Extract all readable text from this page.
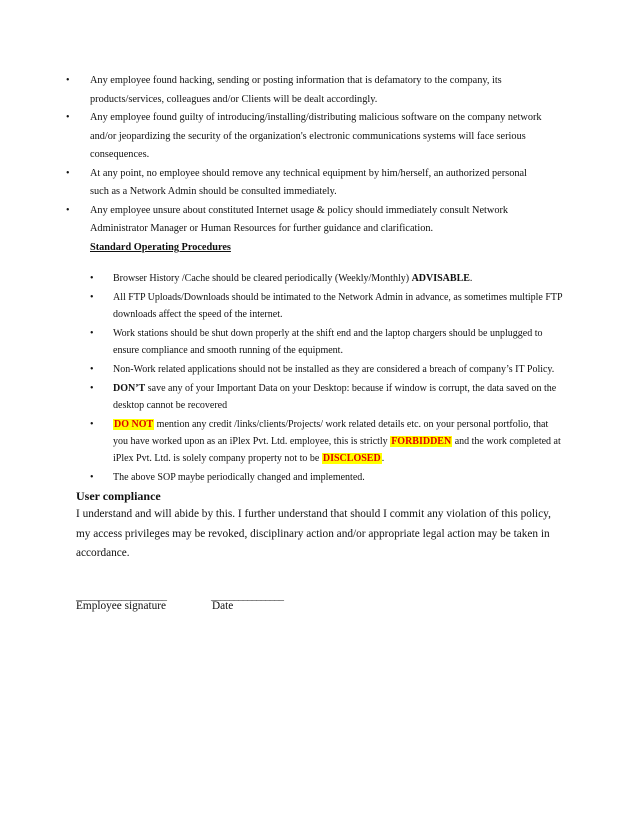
• Any employee found hacking, sending or posting information that is defamatory to the company, its products/services, colleagues and/or Clients will be dealt accordingly.
• Any employee found guilty of introducing/installing/distributing malicious software on the company network and/or jeopardizing the security of the organization's electronic communications systems will face serious consequences.
• At any point, no employee should remove any technical equipment by him/herself, an authorized personal such as a Network Admin should be consulted immediately.
• Any employee unsure about constituted Internet usage & policy should immediately consult Network Administrator Manager or Human Resources for further guidance and clarification.
Standard Operating Procedures
• Browser History /Cache should be cleared periodically (Weekly/Monthly) ADVISABLE.
• All FTP Uploads/Downloads should be intimated to the Network Admin in advance, as sometimes multiple FTP downloads affect the speed of the internet.
• Work stations should be shut down properly at the shift end and the laptop chargers should be unplugged to ensure compliance and smooth running of the equipment.
• Non-Work related applications should not be installed as they are considered a breach of company’s IT Policy.
• DON’T save any of your Important Data on your Desktop: because if window is corrupt, the data saved on the desktop cannot be recovered
• DO NOT mention any credit /links/clients/Projects/ work related details etc. on your personal portfolio, that you have worked upon as an iPlex Pvt. Ltd. employee, this is strictly FORBIDDEN and the work completed at iPlex Pvt. Ltd. is solely company property not to be DISCLOSED.
• The above SOP maybe periodically changed and implemented.
User compliance
I understand and will abide by this. I further understand that should I commit any violation of this policy, my access privileges may be revoked, disciplinary action and/or appropriate legal action may be taken in accordance.
____________________	________________
Employee signature	Date
